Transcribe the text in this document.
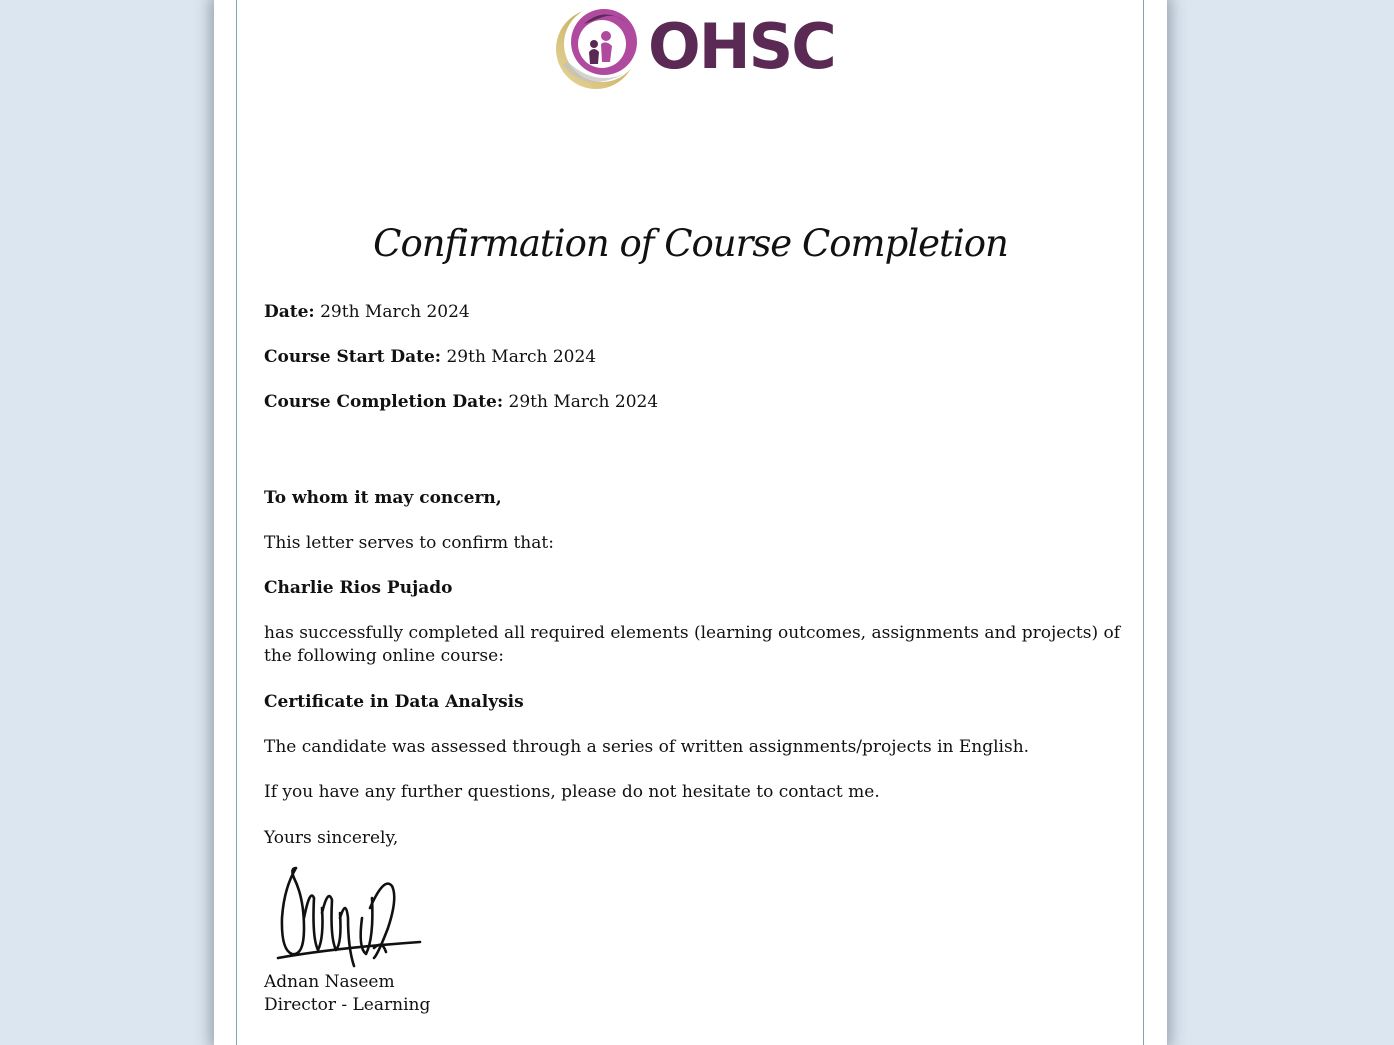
OHSC
Confirmation of Course Completion
Date: 29th March 2024
Course Start Date: 29th March 2024
Course Completion Date: 29th March 2024
To whom it may concern,
This letter serves to confirm that:
Charlie Rios Pujado
has successfully completed all required elements (learning outcomes, assignments and projects) of the following online course:
Certificate in Data Analysis
The candidate was assessed through a series of written assignments/projects in English.
If you have any further questions, please do not hesitate to contact me.
Yours sincerely,
Adnan Naseem
Director - Learning
